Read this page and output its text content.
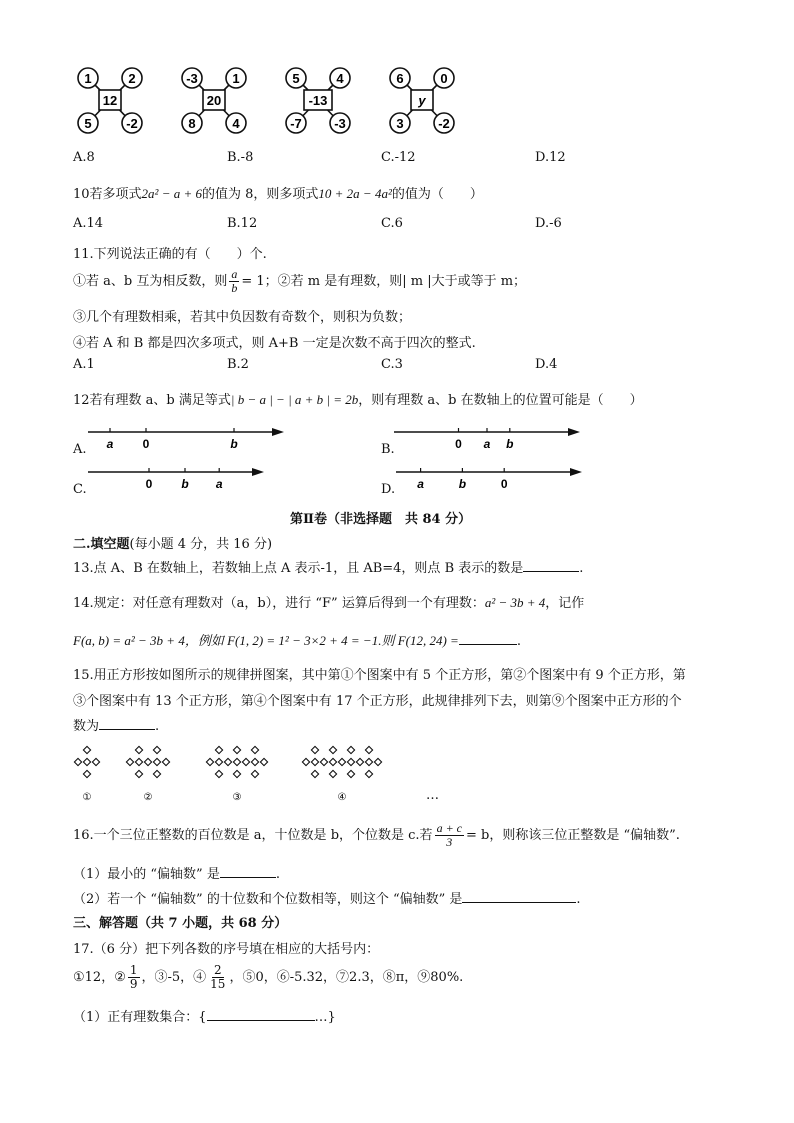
12
1	2
5	-2
20
-3	1
8	4
-13
5	4
-7 -3
y
6	0
3	-2
A.8	B.-8	C.-12	D.12
10若多项式2a² − a + 6的值为 8，则多项式10 + 2a − 4a²的值为（　　）
A.14	B.12	C.6	D.-6
11.下列说法正确的有（　　）个.
①若 a、b 互为相反数，则 $\frac{a}{b} = 1$；②若 m 是有理数，则| m |大于或等于 m；
③几个有理数相乘，若其中负因数有奇数个，则积为负数；
④若 A 和 B 都是四次多项式，则 A+B 一定是次数不高于四次的整式.
A.1	B.2	C.3	D.4
12若有理数 a、b 满足等式| b − a | − | a + b | = 2b，则有理数 a、b 在数轴上的位置可能是（　　）
A. a 0	b	B.	0 a b
C.	0 b a	D. a	b	0
第Ⅱ卷（非选择题　共 84 分）
二.填空题(每小题 4 分，共 16 分)
13.点 A、B 在数轴上，若数轴上点 A 表示-1，且 AB=4，则点 B 表示的数是	.
14.规定：对任意有理数对（a，b），进行 “F” 运算后得到一个有理数：a² − 3b + 4，记作
F(a, b) = a² − 3b + 4，例如 F(1, 2) = 1² − 3×2 + 4 = −1.则 F(12, 24) =	.
15.用正方形按如图所示的规律拼图案，其中第①个图案中有 5 个正方形，第②个图案中有 9 个正方形，第
③个图案中有 13 个正方形，第④个图案中有 17 个正方形，此规律排列下去，则第⑨个图案中正方形的个
数为	.
①	②	③	④	…
16.一个三位正整数的百位数是 a，十位数是 b，个位数是 c.若 $\frac{a + c}{3} = b$，则称该三位正整数是 “偏轴数”.
（1）最小的 “偏轴数” 是	.
（2）若一个 “偏轴数” 的十位数和个位数相等，则这个 “偏轴数” 是	.
三、解答题（共 7 小题，共 68 分）
17.（6 分）把下列各数的序号填在相应的大括号内：
①12，② $\frac{1}{9}$ ，③-5，④ $\frac{2}{15}$ ，⑤0，⑥-5.32，⑦2.3，⑧π，⑨80%.
（1）正有理数集合：{	…}
